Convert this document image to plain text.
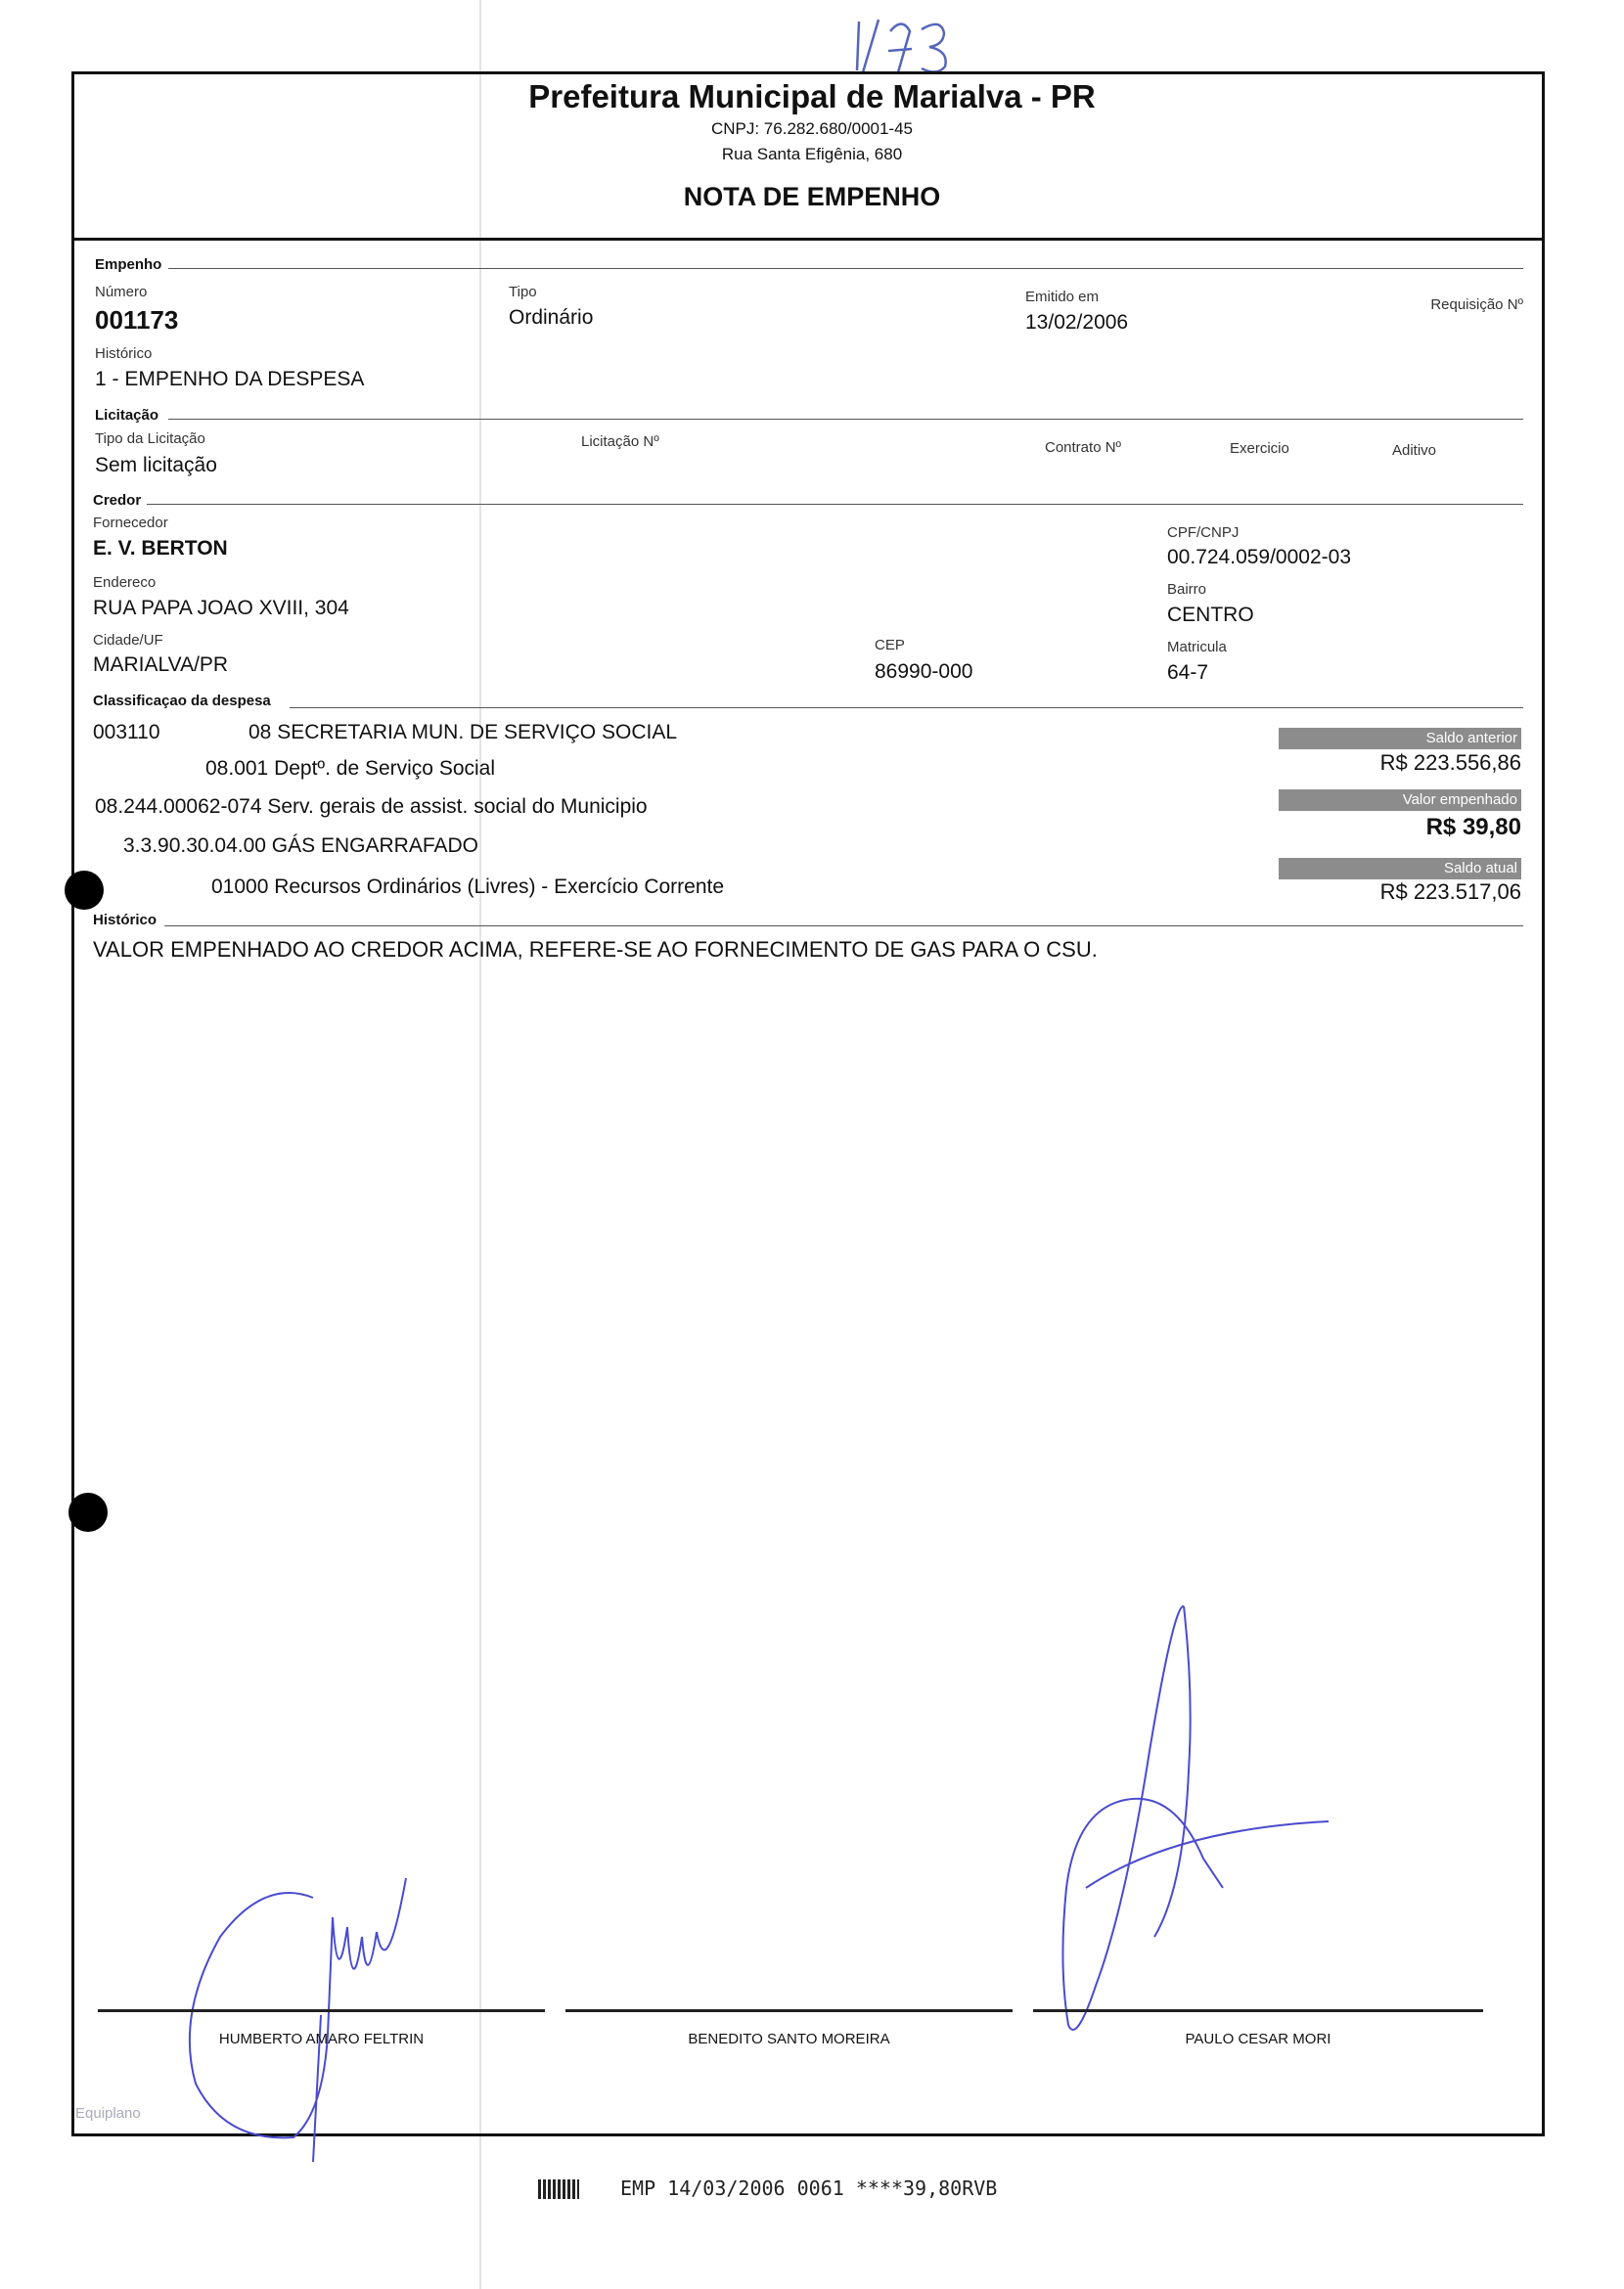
Prefeitura Municipal de Marialva - PR
CNPJ: 76.282.680/0001-45
Rua Santa Efigênia, 680
NOTA DE EMPENHO
Empenho
Número
001173
Tipo
Ordinário
Emitido em
13/02/2006
Requisição Nº
Histórico
1 - EMPENHO DA DESPESA
Licitação
Tipo da Licitação
Sem licitação
Licitação Nº	Contrato Nº	Exercicio	Aditivo
Credor
Fornecedor
E. V. BERTON
CPF/CNPJ
00.724.059/0002-03
Endereco
RUA PAPA JOAO XVIII, 304
Bairro
CENTRO
Cidade/UF
MARIALVA/PR
CEP
86990-000
Matricula
64-7
Classificaçao da despesa
003110	08 SECRETARIA MUN. DE SERVIÇO SOCIAL
08.001 Deptº. de Serviço Social
08.244.00062-074 Serv. gerais de assist. social do Municipio
3.3.90.30.04.00 GÁS ENGARRAFADO
01000 Recursos Ordinários (Livres) - Exercício Corrente
Saldo anterior
R$ 223.556,86
Valor empenhado
R$ 39,80
Saldo atual
R$ 223.517,06
Histórico
VALOR EMPENHADO AO CREDOR ACIMA, REFERE-SE AO FORNECIMENTO DE GAS PARA O CSU.
HUMBERTO AMARO FELTRIN	BENEDITO SANTO MOREIRA	PAULO CESAR MORI
Equiplano
EMP 14/03/2006 0061 ****39,80RVB
